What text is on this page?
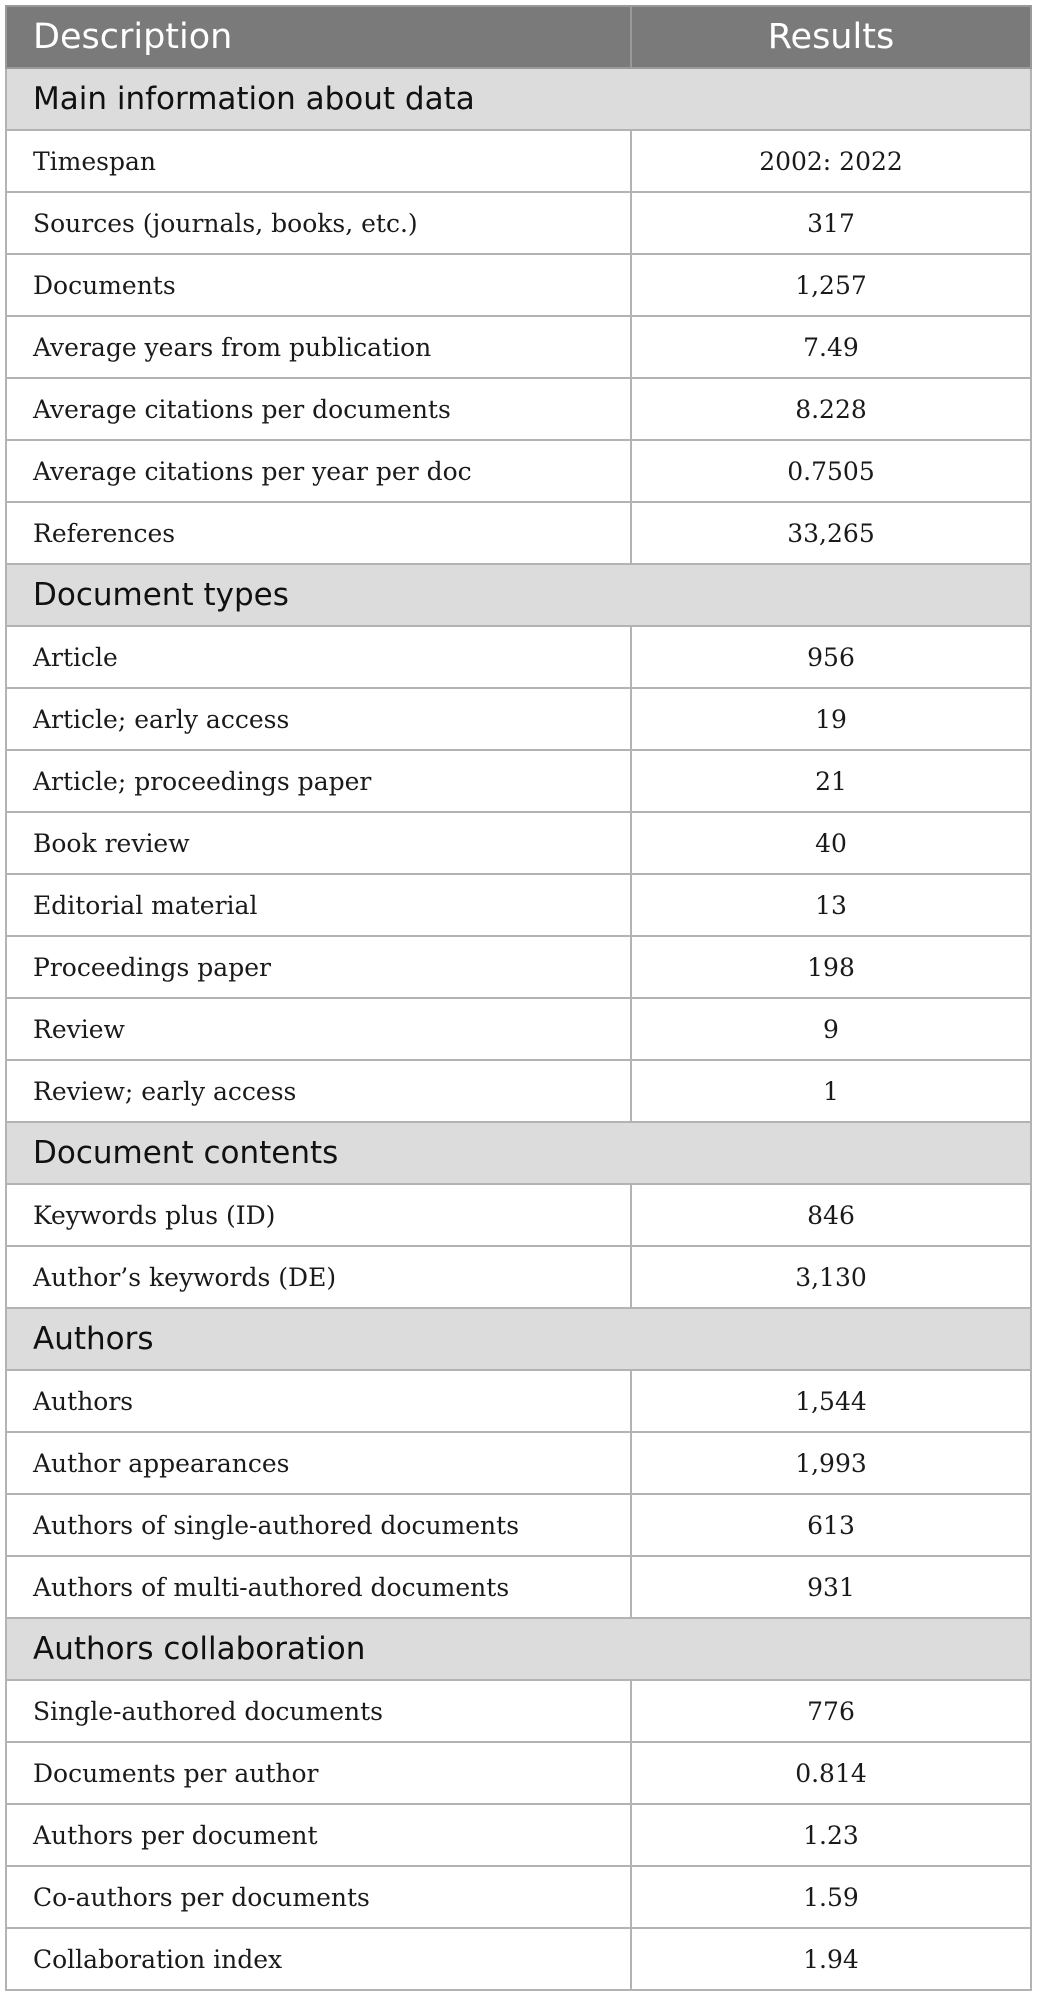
Description	Results
Main information about data	
Timespan	2002: 2022
Sources (journals, books, etc.)	317
Documents	1,257
Average years from publication	7.49
Average citations per documents	8.228
Average citations per year per doc	0.7505
References	33,265
Document types	
Article	956
Article; early access	19
Article; proceedings paper	21
Book review	40
Editorial material	13
Proceedings paper	198
Review	9
Review; early access	1
Document contents	
Keywords plus (ID)	846
Author’s keywords (DE)	3,130
Authors	
Authors	1,544
Author appearances	1,993
Authors of single-authored documents	613
Authors of multi-authored documents	931
Authors collaboration	
Single-authored documents	776
Documents per author	0.814
Authors per document	1.23
Co-authors per documents	1.59
Collaboration index	1.94
